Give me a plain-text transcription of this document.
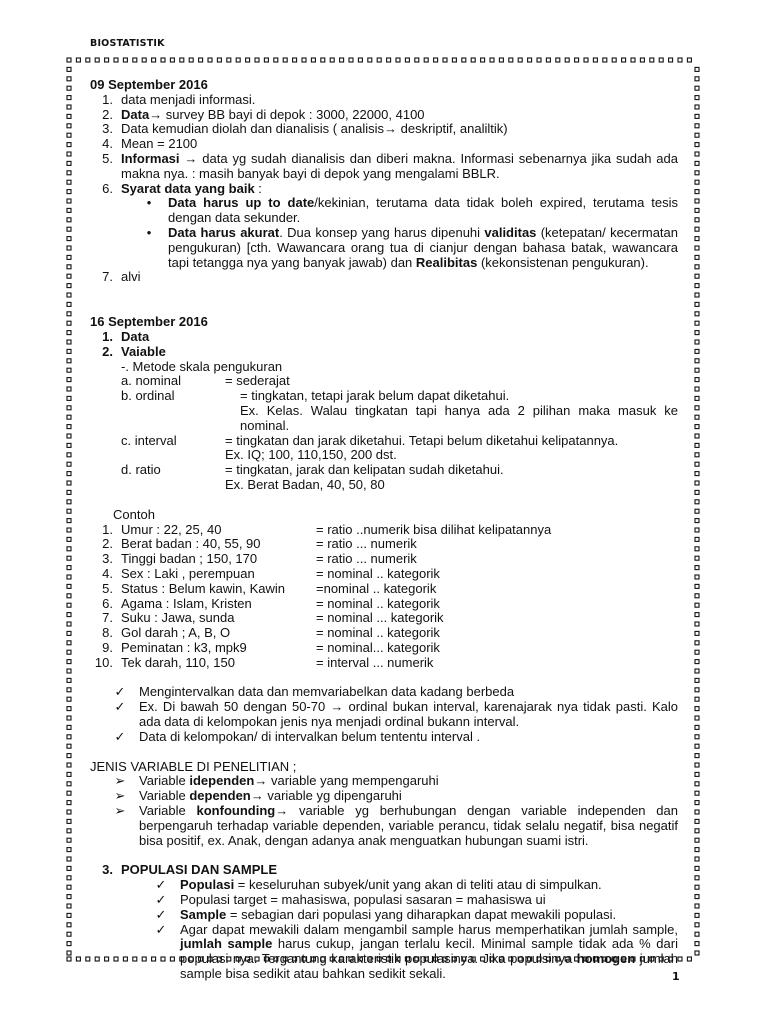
BIOSTATISTIK
09 September 2016
1. data menjadi informasi.
2. Data→ survey BB bayi di depok : 3000, 22000, 4100
3. Data kemudian diolah dan dianalisis ( analisis→ deskriptif, analiltik)
4. Mean = 2100
5. Informasi → data yg sudah dianalisis dan diberi makna. Informasi sebenarnya jika sudah ada makna nya. : masih banyak bayi di depok yang mengalami BBLR.
6. Syarat data yang baik :
•	Data harus up to date/kekinian, terutama data tidak boleh expired, terutama tesis dengan data sekunder.
•	Data harus akurat. Dua konsep yang harus dipenuhi validitas (ketepatan/ kecermatan pengukuran) [cth. Wawancara orang tua di cianjur dengan bahasa batak, wawancara tapi tetangga nya yang banyak jawab) dan Realibitas (kekonsistenan pengukuran).
7. alvi
16 September 2016
1. Data
2. Vaiable
-. Metode skala pengukuran
a. nominal	= sederajat
b. ordinal	= tingkatan, tetapi jarak belum dapat diketahui.
Ex. Kelas. Walau tingkatan tapi hanya ada 2 pilihan maka masuk ke nominal.
c. interval	= tingkatan dan jarak diketahui. Tetapi belum diketahui kelipatannya.
Ex. IQ; 100, 110,150, 200 dst.
d. ratio	= tingkatan, jarak dan kelipatan sudah diketahui.
Ex. Berat Badan, 40, 50, 80
Contoh
1. Umur : 22, 25, 40	= ratio ..numerik bisa dilihat kelipatannya
2. Berat badan : 40, 55, 90	= ratio ... numerik
3. Tinggi badan ; 150, 170	= ratio ... numerik
4. Sex : Laki , perempuan	= nominal .. kategorik
5. Status : Belum kawin, Kawin	=nominal .. kategorik
6. Agama : Islam, Kristen	= nominal .. kategorik
7. Suku : Jawa, sunda	= nominal ... kategorik
8. Gol darah ; A, B, O	= nominal .. kategorik
9. Peminatan : k3, mpk9	= nominal... kategorik
10. Tek darah, 110, 150	= interval ... numerik
✓	Mengintervalkan data dan memvariabelkan data kadang berbeda
✓	Ex. Di bawah 50 dengan 50-70 → ordinal bukan interval, karenajarak nya tidak pasti. Kalo ada data di kelompokan jenis nya menjadi ordinal bukann interval.
✓	Data di kelompokan/ di intervalkan belum tententu interval .
JENIS VARIABLE DI PENELITIAN ;
➢	Variable idependen→ variable yang mempengaruhi
➢	Variable dependen→ variable yg dipengaruhi
➢	Variable konfounding→ variable yg berhubungan dengan variable independen dan berpengaruh terhadap variable dependen, variable perancu, tidak selalu negatif, bisa negatif bisa positif, ex. Anak, dengan adanya anak menguatkan hubungan suami istri.
3. POPULASI DAN SAMPLE
✓	Populasi = keseluruhan subyek/unit yang akan di teliti atau di simpulkan.
✓	Populasi target = mahasiswa, populasi sasaran = mahasiswa ui
✓	Sample = sebagian dari populasi yang diharapkan dapat mewakili populasi.
✓	Agar dapat mewakili dalam mengambil sample harus memperhatikan jumlah sample, jumlah sample harus cukup, jangan terlalu kecil. Minimal sample tidak ada % dari populasi nya. Tergantung karakteristik populasinya. Jika populsinya homogen jumlah sample bisa sedikit atau bahkan sedikit sekali.	1
